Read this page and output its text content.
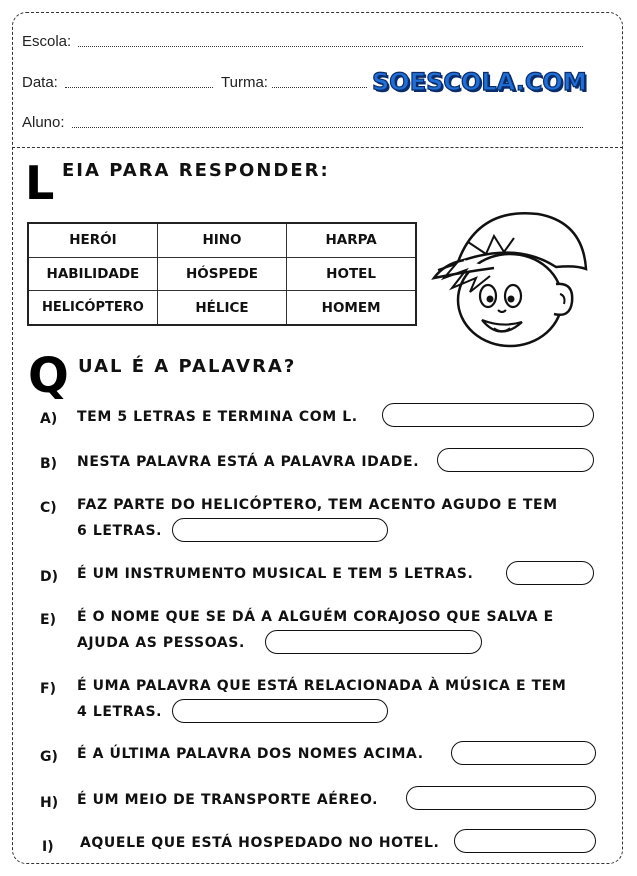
Escola:
Data:	Turma:	SOESCOLA.COM
Aluno:
L EIA PARA RESPONDER:
HERÓI	HINO	HARPA
HABILIDADE	HÓSPEDE	HOTEL
HELICÓPTERO	HÉLICE	HOMEM
Q UAL É A PALAVRA?
A) TEM 5 LETRAS E TERMINA COM L.
B) NESTA PALAVRA ESTÁ A PALAVRA IDADE.
C) FAZ PARTE DO HELICÓPTERO, TEM ACENTO AGUDO E TEM
6 LETRAS.
D) É UM INSTRUMENTO MUSICAL E TEM 5 LETRAS.
E) É O NOME QUE SE DÁ A ALGUÉM CORAJOSO QUE SALVA E
AJUDA AS PESSOAS.
F) É UMA PALAVRA QUE ESTÁ RELACIONADA À MÚSICA E TEM
4 LETRAS.
G) É A ÚLTIMA PALAVRA DOS NOMES ACIMA.
H) É UM MEIO DE TRANSPORTE AÉREO.
I) AQUELE QUE ESTÁ HOSPEDADO NO HOTEL.
